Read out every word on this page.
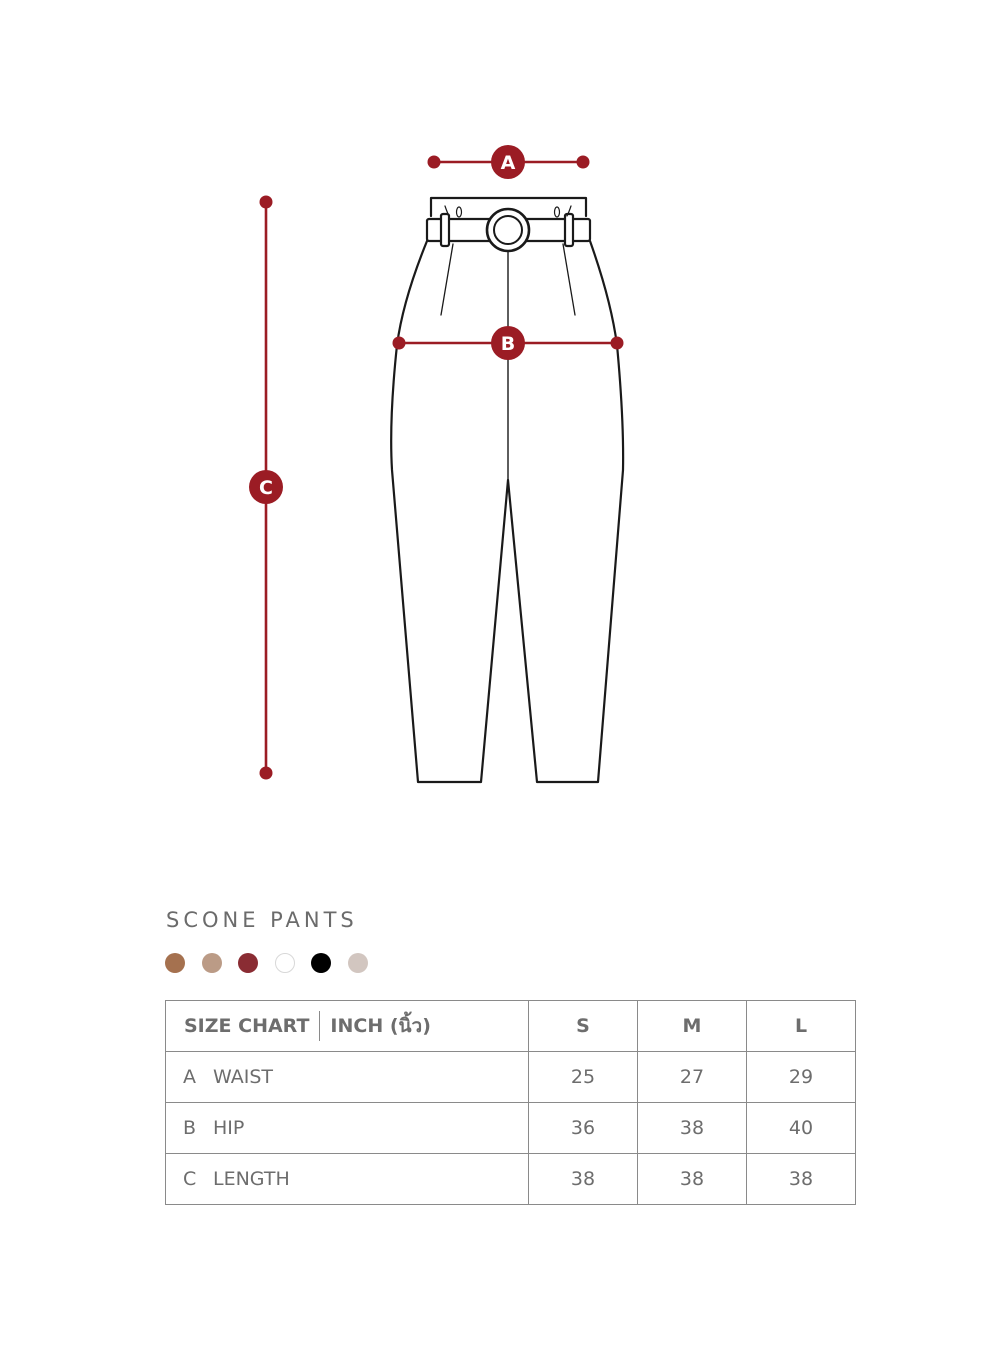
A
B
C
SCONE PANTS
SIZE CHART INCH (นิ้ว)	S	M	L
A WAIST	25	27	29
B HIP	36	38	40
C LENGTH	38	38	38
